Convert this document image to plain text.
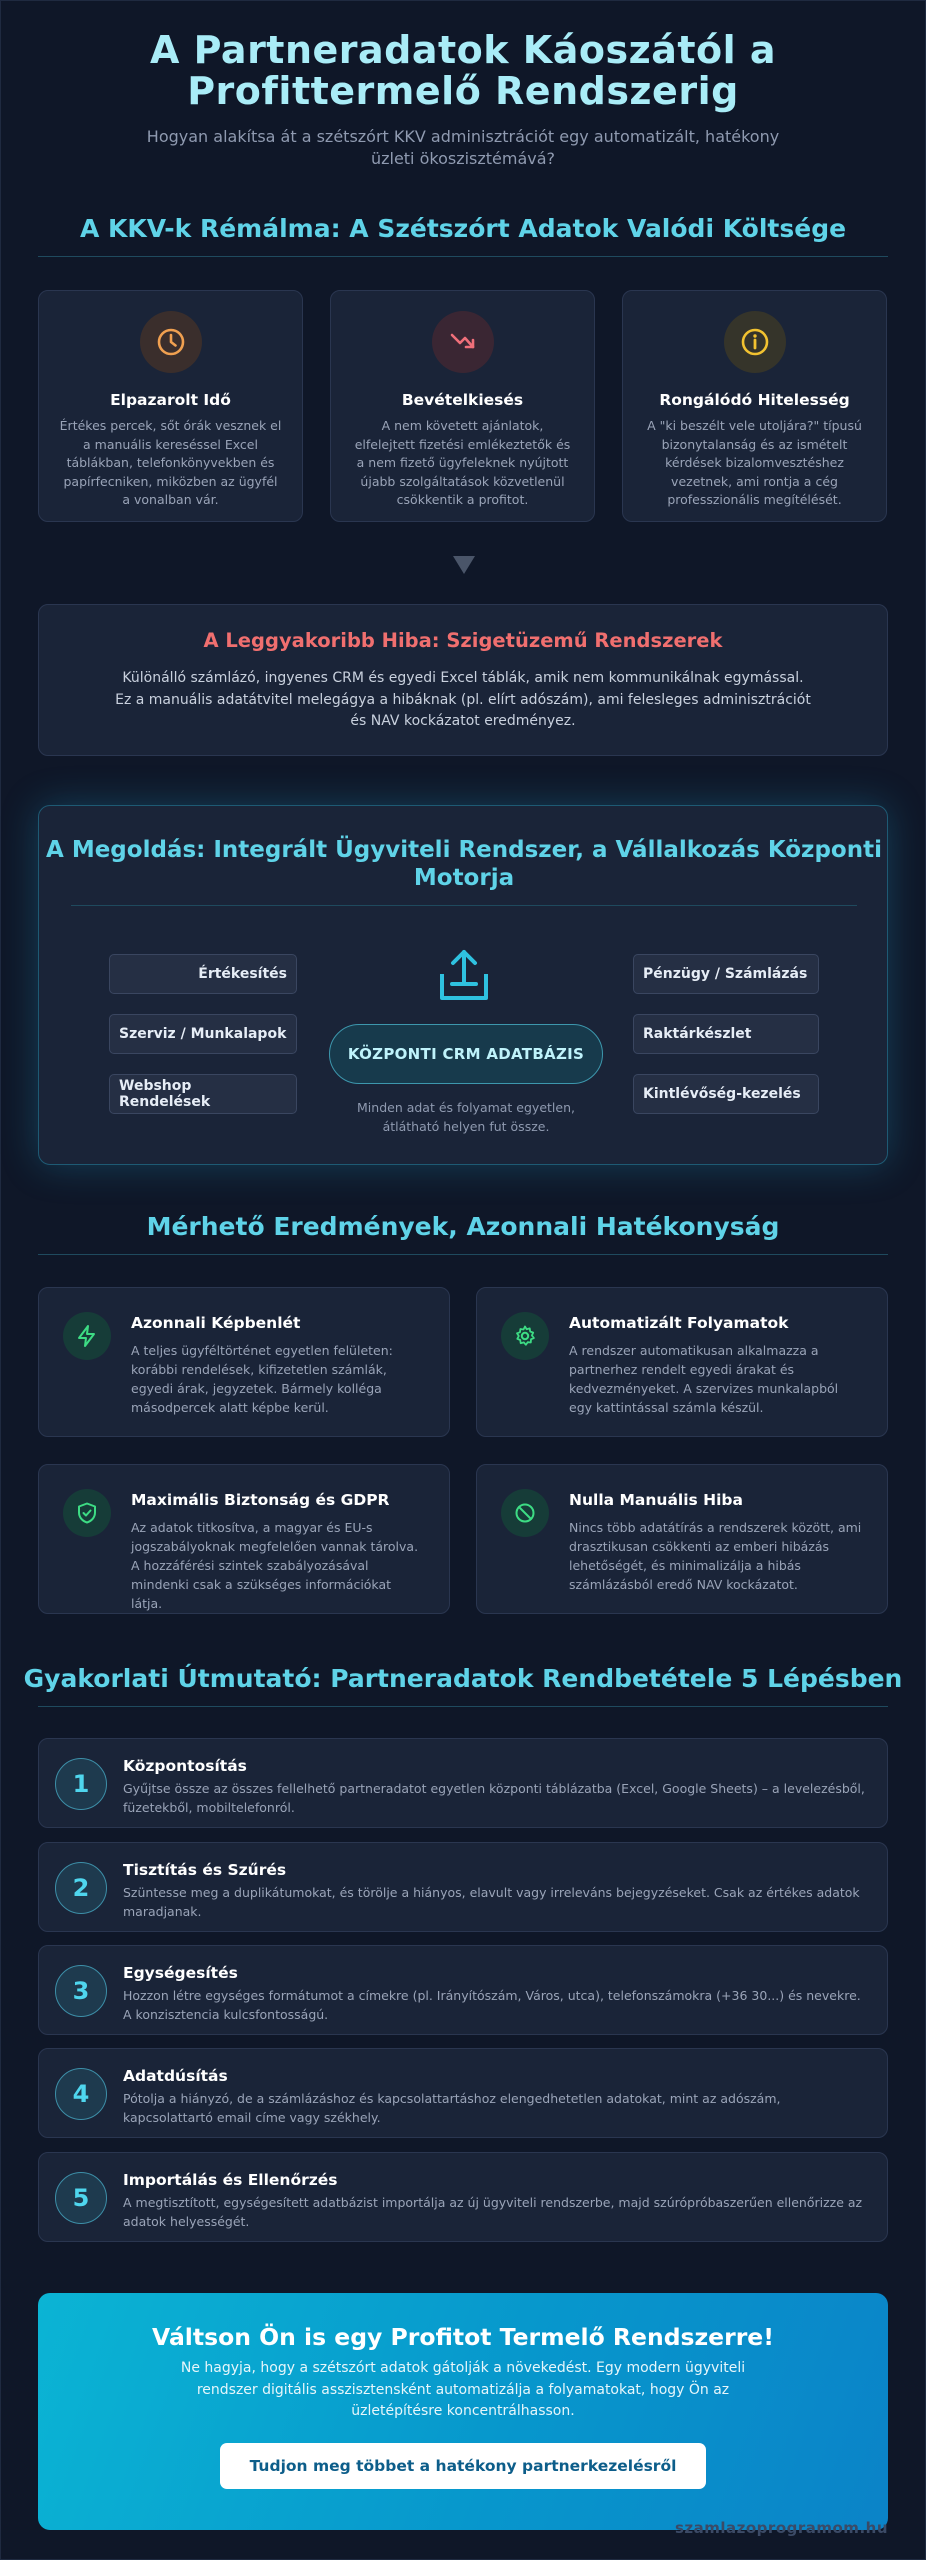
A Partneradatok Káoszától a
Profittermelő Rendszerig
Hogyan alakítsa át a szétszórt KKV adminisztrációt egy automatizált, hatékony üzleti ökoszisztémává?
A KKV-k Rémálma: A Szétszórt Adatok Valódi Költsége
Elpazarolt Idő
Értékes percek, sőt órák vesznek el a manuális kereséssel Excel táblákban, telefonkönyvekben és papírfecniken, miközben az ügyfél a vonalban vár.
Bevételkiesés
A nem követett ajánlatok, elfelejtett fizetési emlékeztetők és a nem fizető ügyfeleknek nyújtott újabb szolgáltatások közvetlenül csökkentik a profitot.
Rongálódó Hitelesség
A "ki beszélt vele utoljára?" típusú bizonytalanság és az ismételt kérdések bizalomvesztéshez vezetnek, ami rontja a cég professzionális megítélését.
A Leggyakoribb Hiba: Szigetüzemű Rendszerek
Különálló számlázó, ingyenes CRM és egyedi Excel táblák, amik nem kommunikálnak egymással.
Ez a manuális adatátvitel melegágya a hibáknak (pl. elírt adószám), ami felesleges adminisztrációt és NAV kockázatot eredményez.
A Megoldás: Integrált Ügyviteli Rendszer, a Vállalkozás Központi Motorja
Értékesítés
Szerviz / Munkalapok
Webshop Rendelések
Pénzügy / Számlázás
Raktárkészlet
Kintlévőség-kezelés
KÖZPONTI CRM ADATBÁZIS
Minden adat és folyamat egyetlen, átlátható helyen fut össze.
Mérhető Eredmények, Azonnali Hatékonyság
Azonnali Képbenlét
A teljes ügyféltörténet egyetlen felületen: korábbi rendelések, kifizetetlen számlák, egyedi árak, jegyzetek. Bármely kolléga másodpercek alatt képbe kerül.
Automatizált Folyamatok
A rendszer automatikusan alkalmazza a partnerhez rendelt egyedi árakat és kedvezményeket. A szervizes munkalapból egy kattintással számla készül.
Maximális Biztonság és GDPR
Az adatok titkosítva, a magyar és EU-s jogszabályoknak megfelelően vannak tárolva. A hozzáférési szintek szabályozásával mindenki csak a szükséges információkat látja.
Nulla Manuális Hiba
Nincs több adatátírás a rendszerek között, ami drasztikusan csökkenti az emberi hibázás lehetőségét, és minimalizálja a hibás számlázásból eredő NAV kockázatot.
Gyakorlati Útmutató: Partneradatok Rendbetétele 5 Lépésben
1
Központosítás
Gyűjtse össze az összes fellelhető partneradatot egyetlen központi táblázatba (Excel, Google Sheets) – a levelezésből, füzetekből, mobiltelefonról.
2
Tisztítás és Szűrés
Szüntesse meg a duplikátumokat, és törölje a hiányos, elavult vagy irreleváns bejegyzéseket. Csak az értékes adatok maradjanak.
3
Egységesítés
Hozzon létre egységes formátumot a címekre (pl. Irányítószám, Város, utca), telefonszámokra (+36 30...) és nevekre. A konzisztencia kulcsfontosságú.
4
Adatdúsítás
Pótolja a hiányzó, de a számlázáshoz és kapcsolattartáshoz elengedhetetlen adatokat, mint az adószám, kapcsolattartó email címe vagy székhely.
5
Importálás és Ellenőrzés
A megtisztított, egységesített adatbázist importálja az új ügyviteli rendszerbe, majd szúrópróbaszerűen ellenőrizze az adatok helyességét.
Váltson Ön is egy Profitot Termelő Rendszerre!
Ne hagyja, hogy a szétszórt adatok gátolják a növekedést. Egy modern ügyviteli rendszer digitális asszisztensként automatizálja a folyamatokat, hogy Ön az üzletépítésre koncentrálhasson.
Tudjon meg többet a hatékony partnerkezelésről
szamlazoprogramom.hu
